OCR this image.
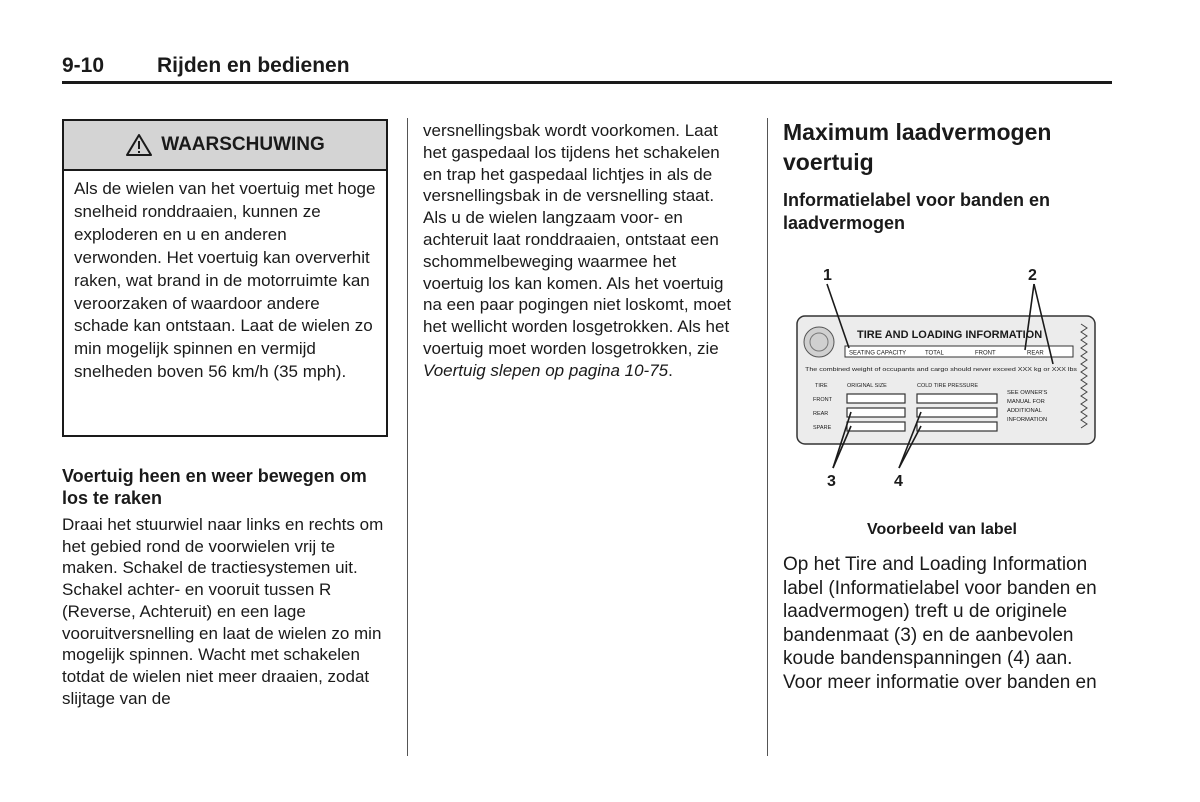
9-10	Rijden en bedienen
WAARSCHUWING
Als de wielen van het voertuig met hoge snelheid ronddraaien, kunnen ze exploderen en u en anderen verwonden. Het voertuig kan oververhit raken, wat brand in de motorruimte kan veroorzaken of waardoor andere schade kan ontstaan. Laat de wielen zo min mogelijk spinnen en vermijd snelheden boven 56 km/h (35 mph).

Voertuig heen en weer bewegen om los te raken

Draai het stuurwiel naar links en rechts om het gebied rond de voorwielen vrij te maken. Schakel de tractiesystemen uit. Schakel achter- en vooruit tussen R (Reverse, Achteruit) en een lage vooruitversnelling en laat de wielen zo min mogelijk spinnen. Wacht met schakelen totdat de wielen niet meer draaien, zodat slijtage van de

versnellingsbak wordt voorkomen. Laat het gaspedaal los tijdens het schakelen en trap het gaspedaal lichtjes in als de versnellingsbak in de versnelling staat. Als u de wielen langzaam voor- en achteruit laat ronddraaien, ontstaat een schommelbeweging waarmee het voertuig los kan komen. Als het voertuig na een paar pogingen niet loskomt, moet het wellicht worden losgetrokken. Als het voertuig moet worden losgetrokken, zie Voertuig slepen op pagina 10-75.

Maximum laadvermogen voertuig

Informatielabel voor banden en laadvermogen

1	2
3	4
TIRE AND LOADING INFORMATION
SEATING CAPACITY	TOTAL	FRONT	REAR
The combined weight of occupants and cargo should never exceed XXX kg or XXX lbs
TIRE	ORIGINAL SIZE	COLD TIRE PRESSURE
FRONT
REAR
SPARE
SEE OWNER'S
MANUAL FOR
ADDITIONAL
INFORMATION
Voorbeeld van label
Op het Tire and Loading Information label (Informatielabel voor banden en laadvermogen) treft u de originele bandenmaat (3) en de aanbevolen koude bandenspanningen (4) aan. Voor meer informatie over banden en
